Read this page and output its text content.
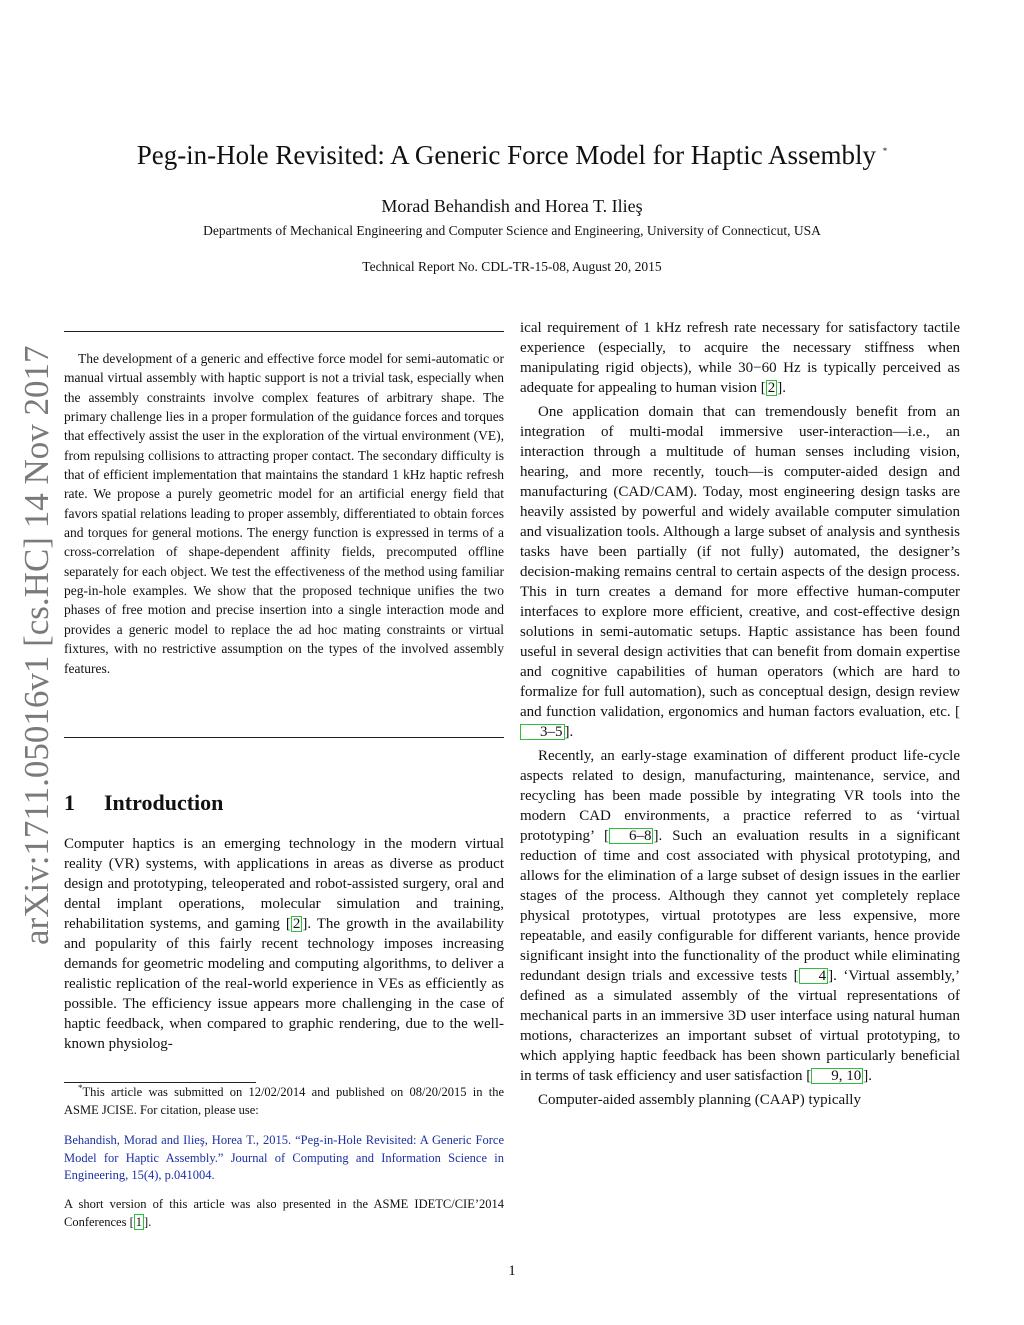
arXiv:1711.05016v1 [cs.HC] 14 Nov 2017
Peg-in-Hole Revisited: A Generic Force Model for Haptic Assembly *
Morad Behandish and Horea T. Ilieş
Departments of Mechanical Engineering and Computer Science and Engineering, University of Connecticut, USA
Technical Report No. CDL-TR-15-08, August 20, 2015

The development of a generic and effective force model for semi-automatic or manual virtual assembly with haptic support is not a trivial task, especially when the assembly constraints involve complex features of arbitrary shape. The primary challenge lies in a proper formulation of the guidance forces and torques that effectively assist the user in the exploration of the virtual environment (VE), from repulsing collisions to attracting proper contact. The secondary difficulty is that of efficient implementation that maintains the standard 1 kHz haptic refresh rate. We propose a purely geometric model for an artificial energy field that favors spatial relations leading to proper assembly, differentiated to obtain forces and torques for general motions. The energy function is expressed in terms of a cross-correlation of shape-dependent affinity fields, precomputed offline separately for each object. We test the effectiveness of the method using familiar peg-in-hole examples. We show that the proposed technique unifies the two phases of free motion and precise insertion into a single interaction mode and provides a generic model to replace the ad hoc mating constraints or virtual fixtures, with no restrictive assumption on the types of the involved assembly features.

1 Introduction

Computer haptics is an emerging technology in the modern virtual reality (VR) systems, with applications in areas as diverse as product design and prototyping, teleoperated and robot-assisted surgery, oral and dental implant operations, molecular simulation and training, rehabilitation systems, and gaming [ 2 ]. The growth in the availability and popularity of this fairly recent technology imposes increasing demands for geometric modeling and computing algorithms, to deliver a realistic replication of the real-world experience in VEs as efficiently as possible. The efficiency issue appears more challenging in the case of haptic feedback, when compared to graphic rendering, due to the well-known physiolog-

*This article was submitted on 12/02/2014 and published on 08/20/2015 in the ASME JCISE. For citation, please use:

Behandish, Morad and Ilieş, Horea T., 2015. “Peg-in-Hole Revisited: A Generic Force Model for Haptic Assembly.” Journal of Computing and Information Science in Engineering, 15(4), p.041004.

A short version of this article was also presented in the ASME IDETC/CIE’2014 Conferences [ 1 ].

ical requirement of 1 kHz refresh rate necessary for satisfactory tactile experience (especially, to acquire the necessary stiffness when manipulating rigid objects), while 30−60 Hz is typically perceived as adequate for appealing to human vision [ 2 ].

One application domain that can tremendously benefit from an integration of multi-modal immersive user-interaction—i.e., an interaction through a multitude of human senses including vision, hearing, and more recently, touch—is computer-aided design and manufacturing (CAD/CAM). Today, most engineering design tasks are heavily assisted by powerful and widely available computer simulation and visualization tools. Although a large subset of analysis and synthesis tasks have been partially (if not fully) automated, the designer’s decision-making remains central to certain aspects of the design process. This in turn creates a demand for more effective human-computer interfaces to explore more efficient, creative, and cost-effective design solutions in semi-automatic setups. Haptic assistance has been found useful in several design activities that can benefit from domain expertise and cognitive capabilities of human operators (which are hard to formalize for full automation), such as conceptual design, design review and function validation, ergonomics and human factors evaluation, etc. [3–5 ].

Recently, an early-stage examination of different product life-cycle aspects related to design, manufacturing, maintenance, service, and recycling has been made possible by integrating VR tools into the modern CAD environments, a practice referred to as ‘virtual prototyping’ [ 6–8 ]. Such an evaluation results in a significant reduction of time and cost associated with physical prototyping, and allows for the elimination of a large subset of design issues in the earlier stages of the process. Although they cannot yet completely replace physical prototypes, virtual prototypes are less expensive, more repeatable, and easily configurable for different variants, hence provide significant insight into the functionality of the product while eliminating redundant design trials and excessive tests [ 4 ]. ‘Virtual assembly,’ defined as a simulated assembly of the virtual representations of mechanical parts in an immersive 3D user interface using natural human motions, characterizes an important subset of virtual prototyping, to which applying haptic feedback has been shown particularly beneficial in terms of task efficiency and user satisfaction [ 9, 10 ].

Computer-aided assembly planning (CAAP) typically

1
